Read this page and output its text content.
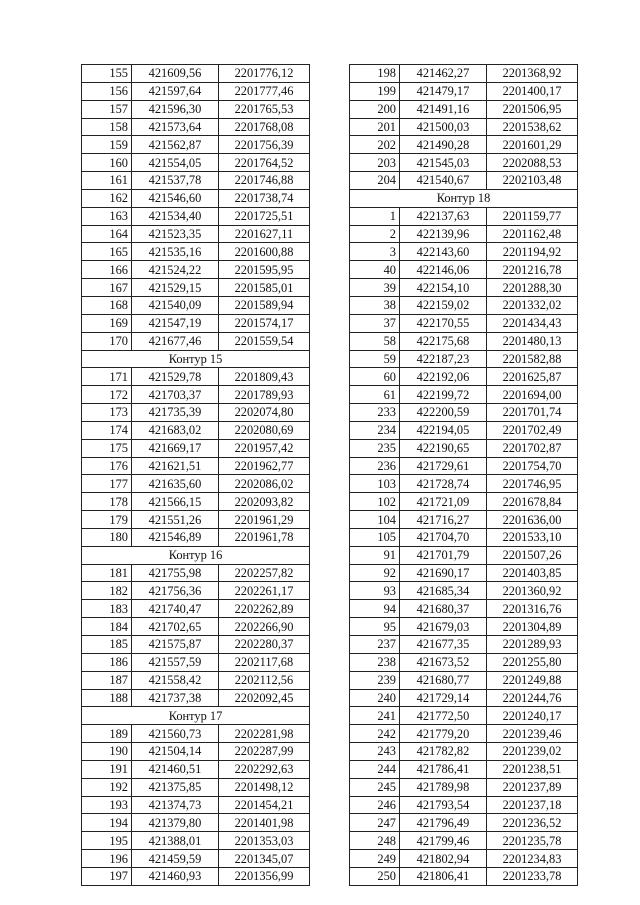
155	421609,56	2201776,12
156	421597,64	2201777,46
157	421596,30	2201765,53
158	421573,64	2201768,08
159	421562,87	2201756,39
160	421554,05	2201764,52
161	421537,78	2201746,88
162	421546,60	2201738,74
163	421534,40	2201725,51
164	421523,35	2201627,11
165	421535,16	2201600,88
166	421524,22	2201595,95
167	421529,15	2201585,01
168	421540,09	2201589,94
169	421547,19	2201574,17
170	421677,46	2201559,54
Контур 15		
171	421529,78	2201809,43
172	421703,37	2201789,93
173	421735,39	2202074,80
174	421683,02	2202080,69
175	421669,17	2201957,42
176	421621,51	2201962,77
177	421635,60	2202086,02
178	421566,15	2202093,82
179	421551,26	2201961,29
180	421546,89	2201961,78
Контур 16		
181	421755,98	2202257,82
182	421756,36	2202261,17
183	421740,47	2202262,89
184	421702,65	2202266,90
185	421575,87	2202280,37
186	421557,59	2202117,68
187	421558,42	2202112,56
188	421737,38	2202092,45
Контур 17		
189	421560,73	2202281,98
190	421504,14	2202287,99
191	421460,51	2202292,63
192	421375,85	2201498,12
193	421374,73	2201454,21
194	421379,80	2201401,98
195	421388,01	2201353,03
196	421459,59	2201345,07
197	421460,93	2201356,99
198	421462,27	2201368,92
199	421479,17	2201400,17
200	421491,16	2201506,95
201	421500,03	2201538,62
202	421490,28	2201601,29
203	421545,03	2202088,53
204	421540,67	2202103,48
Контур 18		
1	422137,63	2201159,77
2	422139,96	2201162,48
3	422143,60	2201194,92
40	422146,06	2201216,78
39	422154,10	2201288,30
38	422159,02	2201332,02
37	422170,55	2201434,43
58	422175,68	2201480,13
59	422187,23	2201582,88
60	422192,06	2201625,87
61	422199,72	2201694,00
233	422200,59	2201701,74
234	422194,05	2201702,49
235	422190,65	2201702,87
236	421729,61	2201754,70
103	421728,74	2201746,95
102	421721,09	2201678,84
104	421716,27	2201636,00
105	421704,70	2201533,10
91	421701,79	2201507,26
92	421690,17	2201403,85
93	421685,34	2201360,92
94	421680,37	2201316,76
95	421679,03	2201304,89
237	421677,35	2201289,93
238	421673,52	2201255,80
239	421680,77	2201249,88
240	421729,14	2201244,76
241	421772,50	2201240,17
242	421779,20	2201239,46
243	421782,82	2201239,02
244	421786,41	2201238,51
245	421789,98	2201237,89
246	421793,54	2201237,18
247	421796,49	2201236,52
248	421799,46	2201235,78
249	421802,94	2201234,83
250	421806,41	2201233,78
